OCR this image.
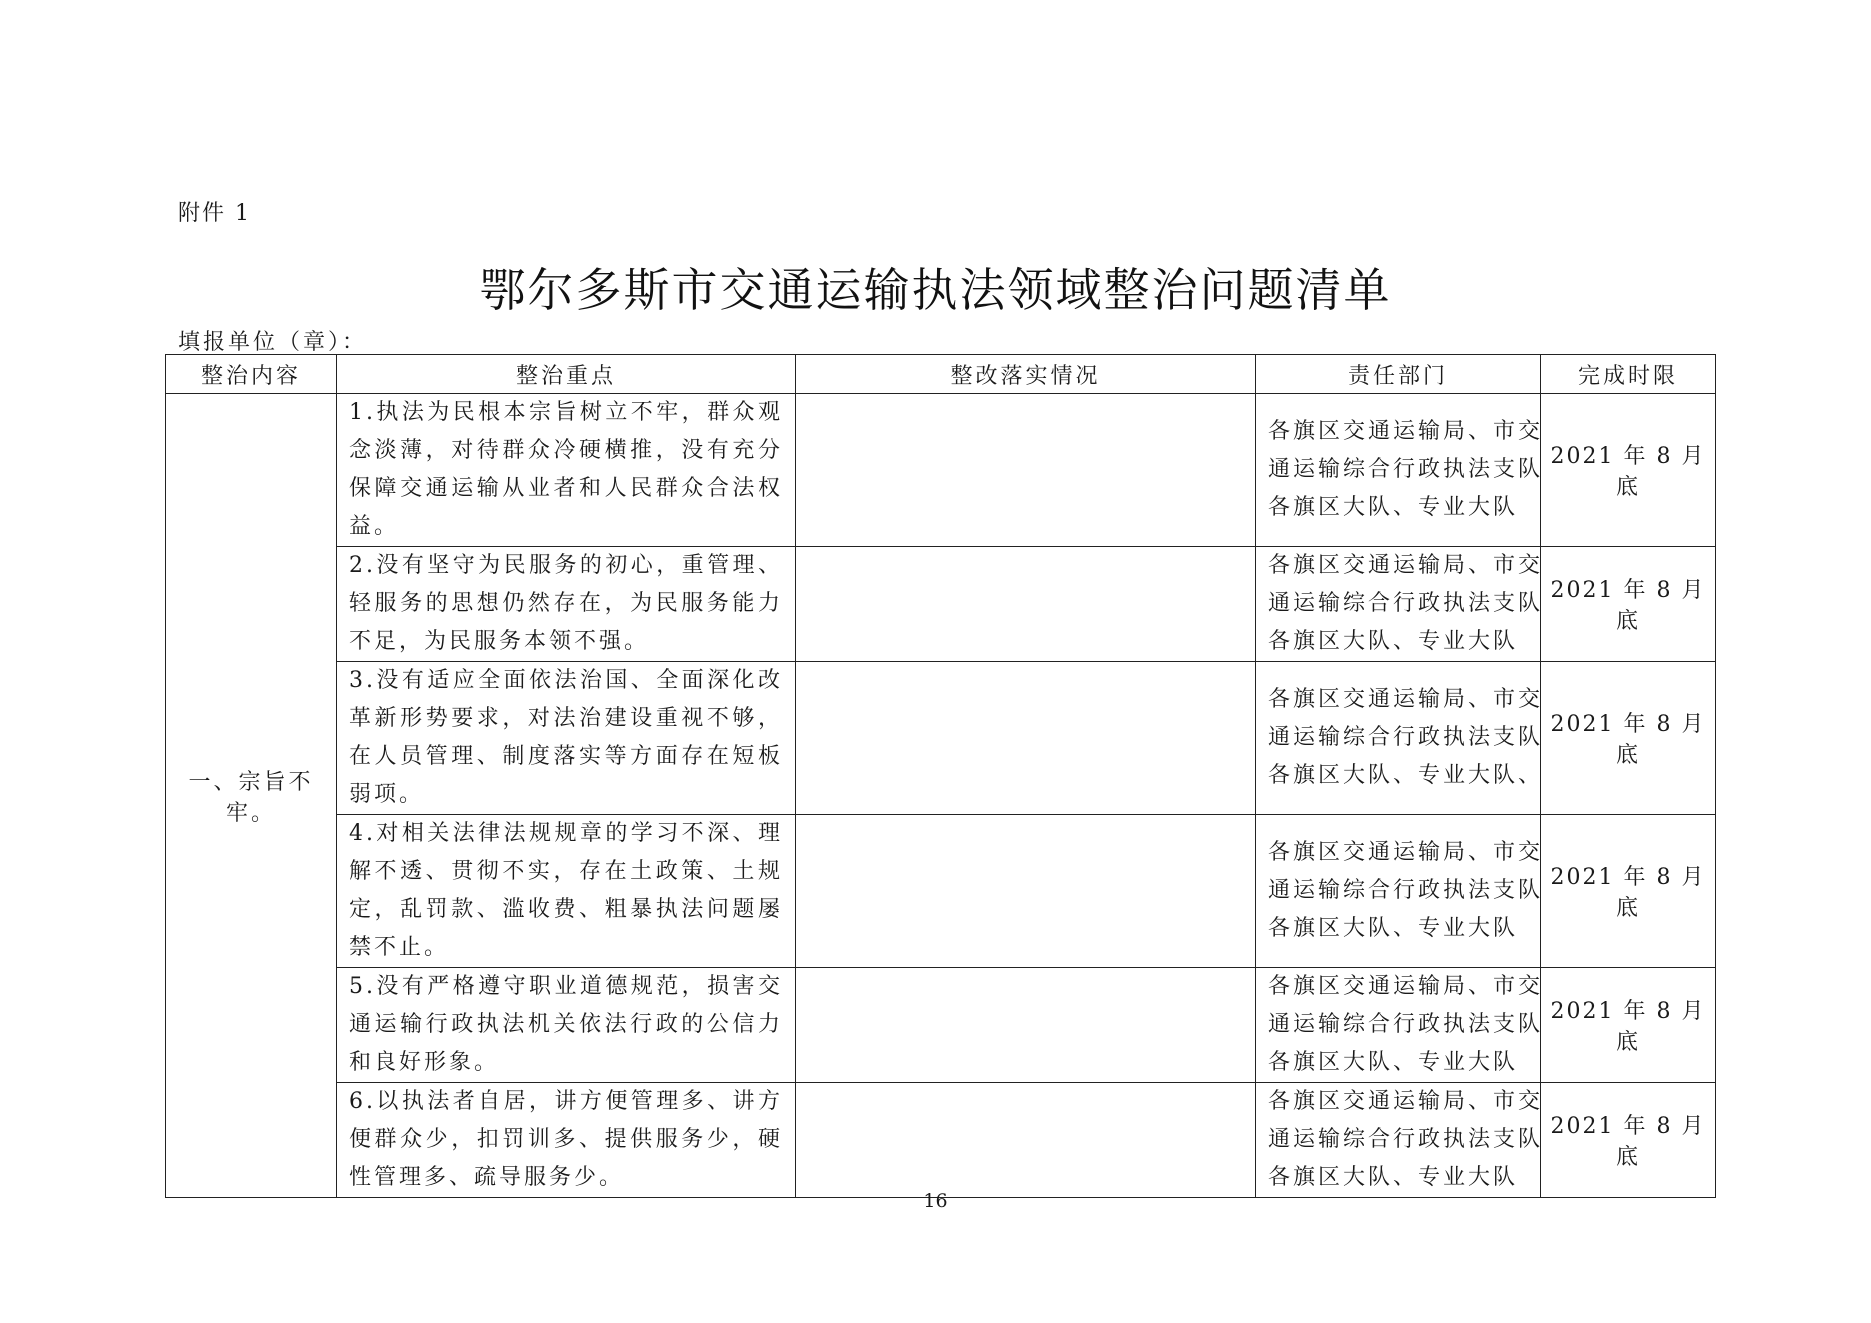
附件 1
鄂尔多斯市交通运输执法领域整治问题清单
填报单位（章）：
整治内容	整治重点	整改落实情况	责任部门	完成时限
一、宗旨不牢。	1.执法为民根本宗旨树立不牢，群众观念淡薄，对待群众冷硬横推，没有充分保障交通运输从业者和人民群众合法权益。		各旗区交通运输局、市交
通运输综合行政执法支队
各旗区大队、专业大队	2021 年 8 月底
	2.没有坚守为民服务的初心，重管理、轻服务的思想仍然存在，为民服务能力不足，为民服务本领不强。		各旗区交通运输局、市交
通运输综合行政执法支队
各旗区大队、专业大队	2021 年 8 月底
	3.没有适应全面依法治国、全面深化改革新形势要求，对法治建设重视不够，在人员管理、制度落实等方面存在短板弱项。		各旗区交通运输局、市交
通运输综合行政执法支队
各旗区大队、专业大队、	2021 年 8 月底
	4.对相关法律法规规章的学习不深、理解不透、贯彻不实，存在土政策、土规定，乱罚款、滥收费、粗暴执法问题屡禁不止。		各旗区交通运输局、市交
通运输综合行政执法支队
各旗区大队、专业大队	2021 年 8 月底
	5.没有严格遵守职业道德规范，损害交通运输行政执法机关依法行政的公信力和良好形象。		各旗区交通运输局、市交
通运输综合行政执法支队
各旗区大队、专业大队	2021 年 8 月底
	6.以执法者自居，讲方便管理多、讲方便群众少，扣罚训多、提供服务少，硬性管理多、疏导服务少。		各旗区交通运输局、市交
通运输综合行政执法支队
各旗区大队、专业大队	2021 年 8 月底
16
